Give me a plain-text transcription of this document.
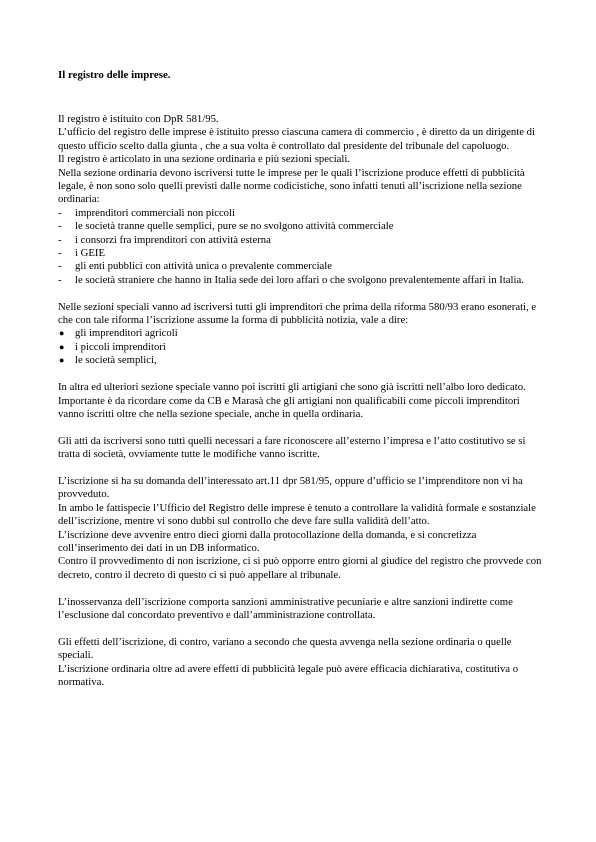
Il registro delle imprese.

Il registro è istituito con DpR 581/95.

L’ufficio del registro delle imprese è istituito presso ciascuna camera di commercio , è diretto da un dirigente di questo ufficio scelto dalla giunta , che a sua volta è controllato dal presidente del tribunale del capoluogo.

Il registro è articolato in una sezione ordinaria e più sezioni speciali.

Nella sezione ordinaria devono iscriversi tutte le imprese per le quali l’iscrizione produce effetti di pubblicità legale, è non sono solo quelli previsti dalle norme codicistiche, sono infatti tenuti all’iscrizione nella sezione ordinaria:

- imprenditori commerciali non piccoli
- le società tranne quelle semplici, pure se no svolgono attività commerciale
- i consorzi fra imprenditori con attività esterna
- i GEIE
- gli enti pubblici con attività unica o prevalente commerciale
- le società straniere che hanno in Italia sede dei loro affari o che svolgono prevalentemente affari in Italia.

Nelle sezioni speciali vanno ad iscriversi tutti gli imprenditori che prima della riforma 580/93 erano esonerati, e che con tale riforma l’iscrizione assume la forma di pubblicità notizia, vale a dire:

● gli imprenditori agricoli
● i piccoli imprenditori
● le società semplici,

In altra ed ulteriori sezione speciale vanno poi iscritti gli artigiani che sono già iscritti nell’albo loro dedicato.

Importante è da ricordare come da CB e Marasà che gli artigiani non qualificabili come piccoli imprenditori vanno iscritti oltre che nella sezione speciale, anche in quella ordinaria.

Gli atti da iscriversi sono tutti quelli necessari a fare riconoscere all’esterno l’impresa e l’atto costitutivo se si tratta di società, ovviamente tutte le modifiche vanno iscritte.

L’iscrizione si ha su domanda dell’interessato art.11 dpr 581/95, oppure d’ufficio se l’imprenditore non vi ha provveduto.

In ambo le fattispecie l’Ufficio del Registro delle imprese è tenuto a controllare la validità formale e sostanziale dell’iscrizione, mentre vi sono dubbi sul controllo che deve fare sulla validità dell’atto.

L’iscrizione deve avvenire entro dieci giorni dalla protocollazione della domanda, e si concretizza coll’inserimento dei dati in un DB informatico.

Contro il provvedimento di non iscrizione, ci si può opporre entro giorni al giudice del registro che provvede con decreto, contro il decreto di questo ci si può appellare al tribunale.

L’inosservanza dell’iscrizione comporta sanzioni amministrative pecuniarie e altre sanzioni indirette come l’esclusione dal concordato preventivo e dall’amministrazione controllata.

Gli effetti dell’iscrizione, di contro, variano a secondo che questa avvenga nella sezione ordinaria o quelle speciali.

L’iscrizione ordinaria oltre ad avere effetti di pubblicità legale può avere efficacia dichiarativa, costitutiva o normativa.
